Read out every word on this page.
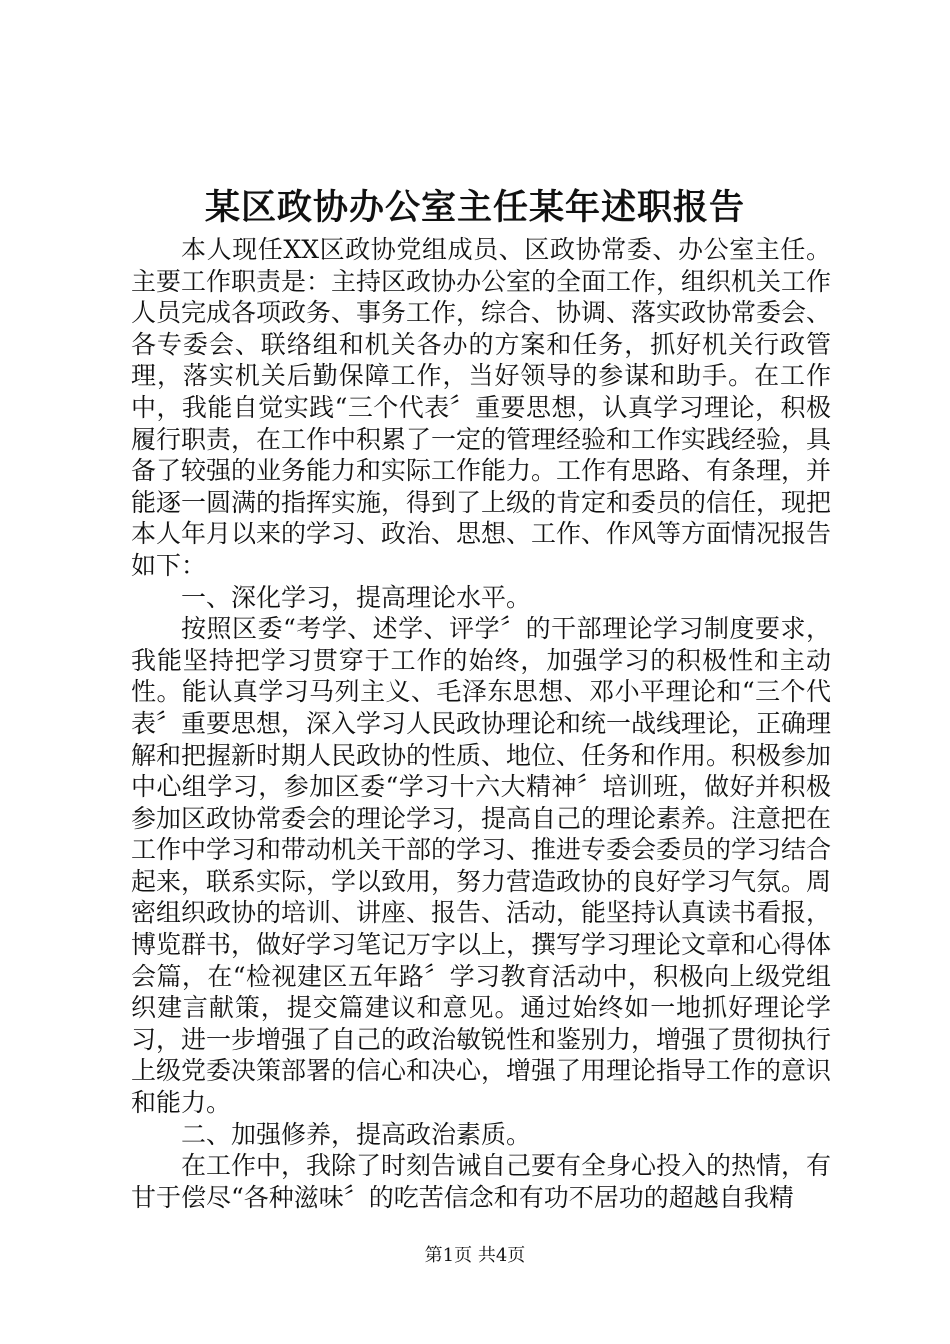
某区政协办公室主任某年述职报告

本人现任XX区政协党组成员、区政协常委、办公室主任。主要工作职责是：主持区政协办公室的全面工作，组织机关工作人员完成各项政务、事务工作，综合、协调、落实政协常委会、各专委会、联络组和机关各办的方案和任务，抓好机关行政管理，落实机关后勤保障工作，当好领导的参谋和助手。在工作中，我能自觉实践“三个代表〞重要思想，认真学习理论，积极履行职责，在工作中积累了一定的管理经验和工作实践经验，具备了较强的业务能力和实际工作能力。工作有思路、有条理，并能逐一圆满的指挥实施，得到了上级的肯定和委员的信任，现把本人年月以来的学习、政治、思想、工作、作风等方面情况报告如下：

一、深化学习，提高理论水平。

按照区委“考学、述学、评学〞的干部理论学习制度要求，我能坚持把学习贯穿于工作的始终，加强学习的积极性和主动性。能认真学习马列主义、毛泽东思想、邓小平理论和“三个代表〞重要思想，深入学习人民政协理论和统一战线理论，正确理解和把握新时期人民政协的性质、地位、任务和作用。积极参加中心组学习，参加区委“学习十六大精神〞培训班，做好并积极参加区政协常委会的理论学习，提高自己的理论素养。注意把在工作中学习和带动机关干部的学习、推进专委会委员的学习结合起来，联系实际，学以致用，努力营造政协的良好学习气氛。周密组织政协的培训、讲座、报告、活动，能坚持认真读书看报，博览群书，做好学习笔记万字以上，撰写学习理论文章和心得体会篇，在“检视建区五年路〞学习教育活动中，积极向上级党组织建言献策，提交篇建议和意见。通过始终如一地抓好理论学习，进一步增强了自己的政治敏锐性和鉴别力，增强了贯彻执行上级党委决策部署的信心和决心，增强了用理论指导工作的意识和能力。

二、加强修养，提高政治素质。

在工作中，我除了时刻告诫自己要有全身心投入的热情，有甘于偿尽“各种滋味〞的吃苦信念和有功不居功的超越自我精

第1页 共4页
